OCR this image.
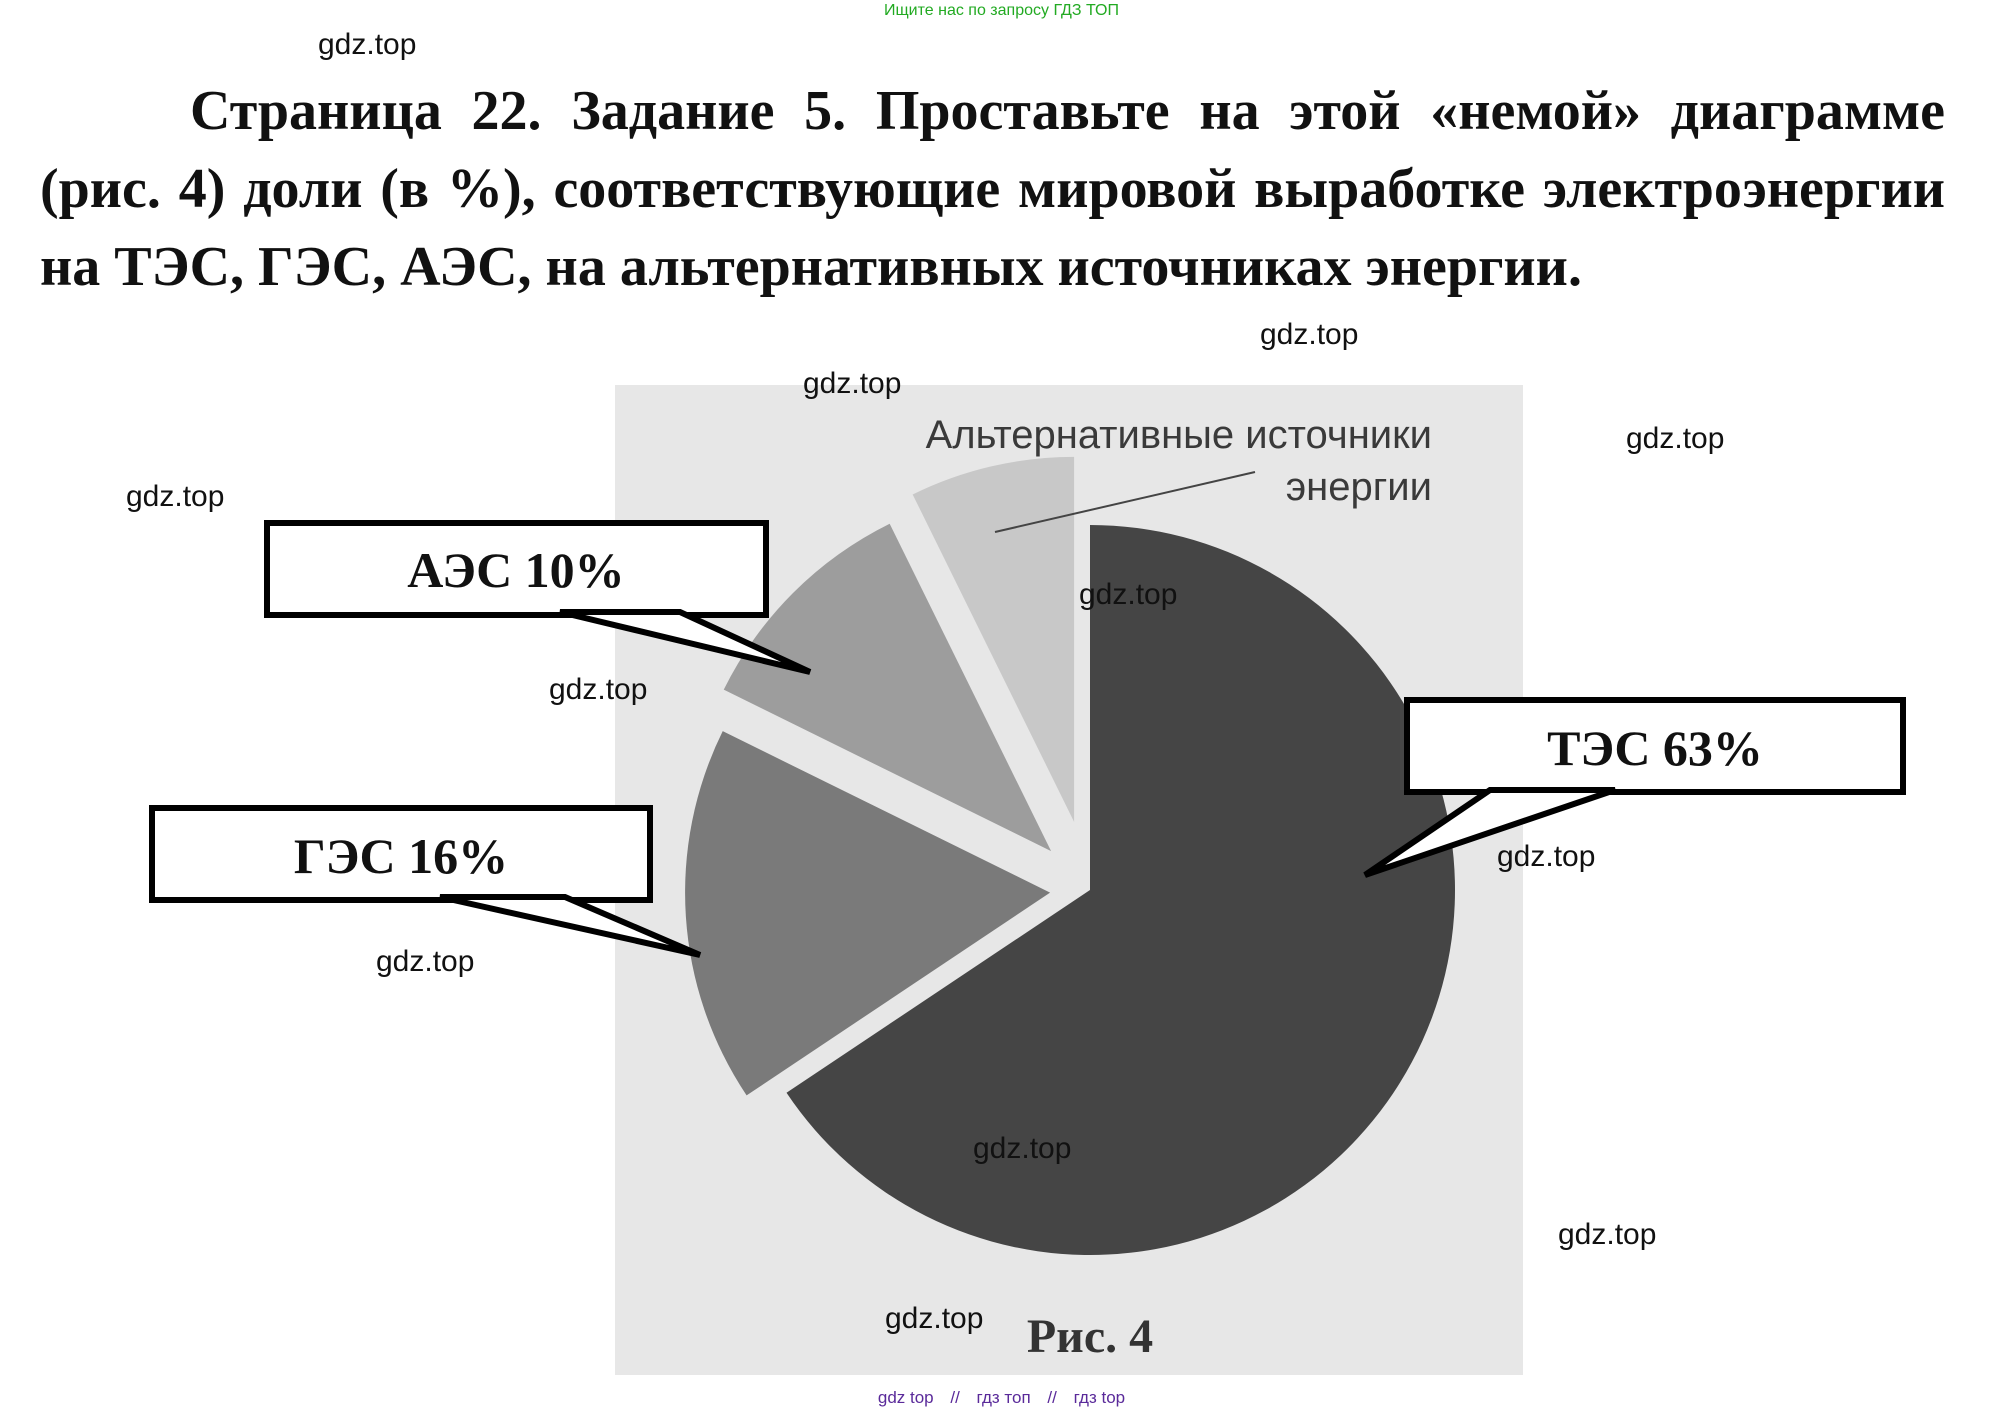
Ищите нас по запросу ГДЗ ТОП
Страница 22. Задание 5. Проставьте на этой «немой» диаграмме (рис. 4) доли (в %), соответствующие мировой выработке электроэнергии на ТЭС, ГЭС, АЭС, на альтернативных источниках энергии.
Альтернативные источники
энергии
АЭС 10%
ГЭС 16%
ТЭС 63%
Рис. 4
gdz.top
gdz.top
gdz.top
gdz.top
gdz.top
gdz.top
gdz.top
gdz.top
gdz.top
gdz.top
gdz.top
gdz.top
gdz top // гдз топ // гдз top
